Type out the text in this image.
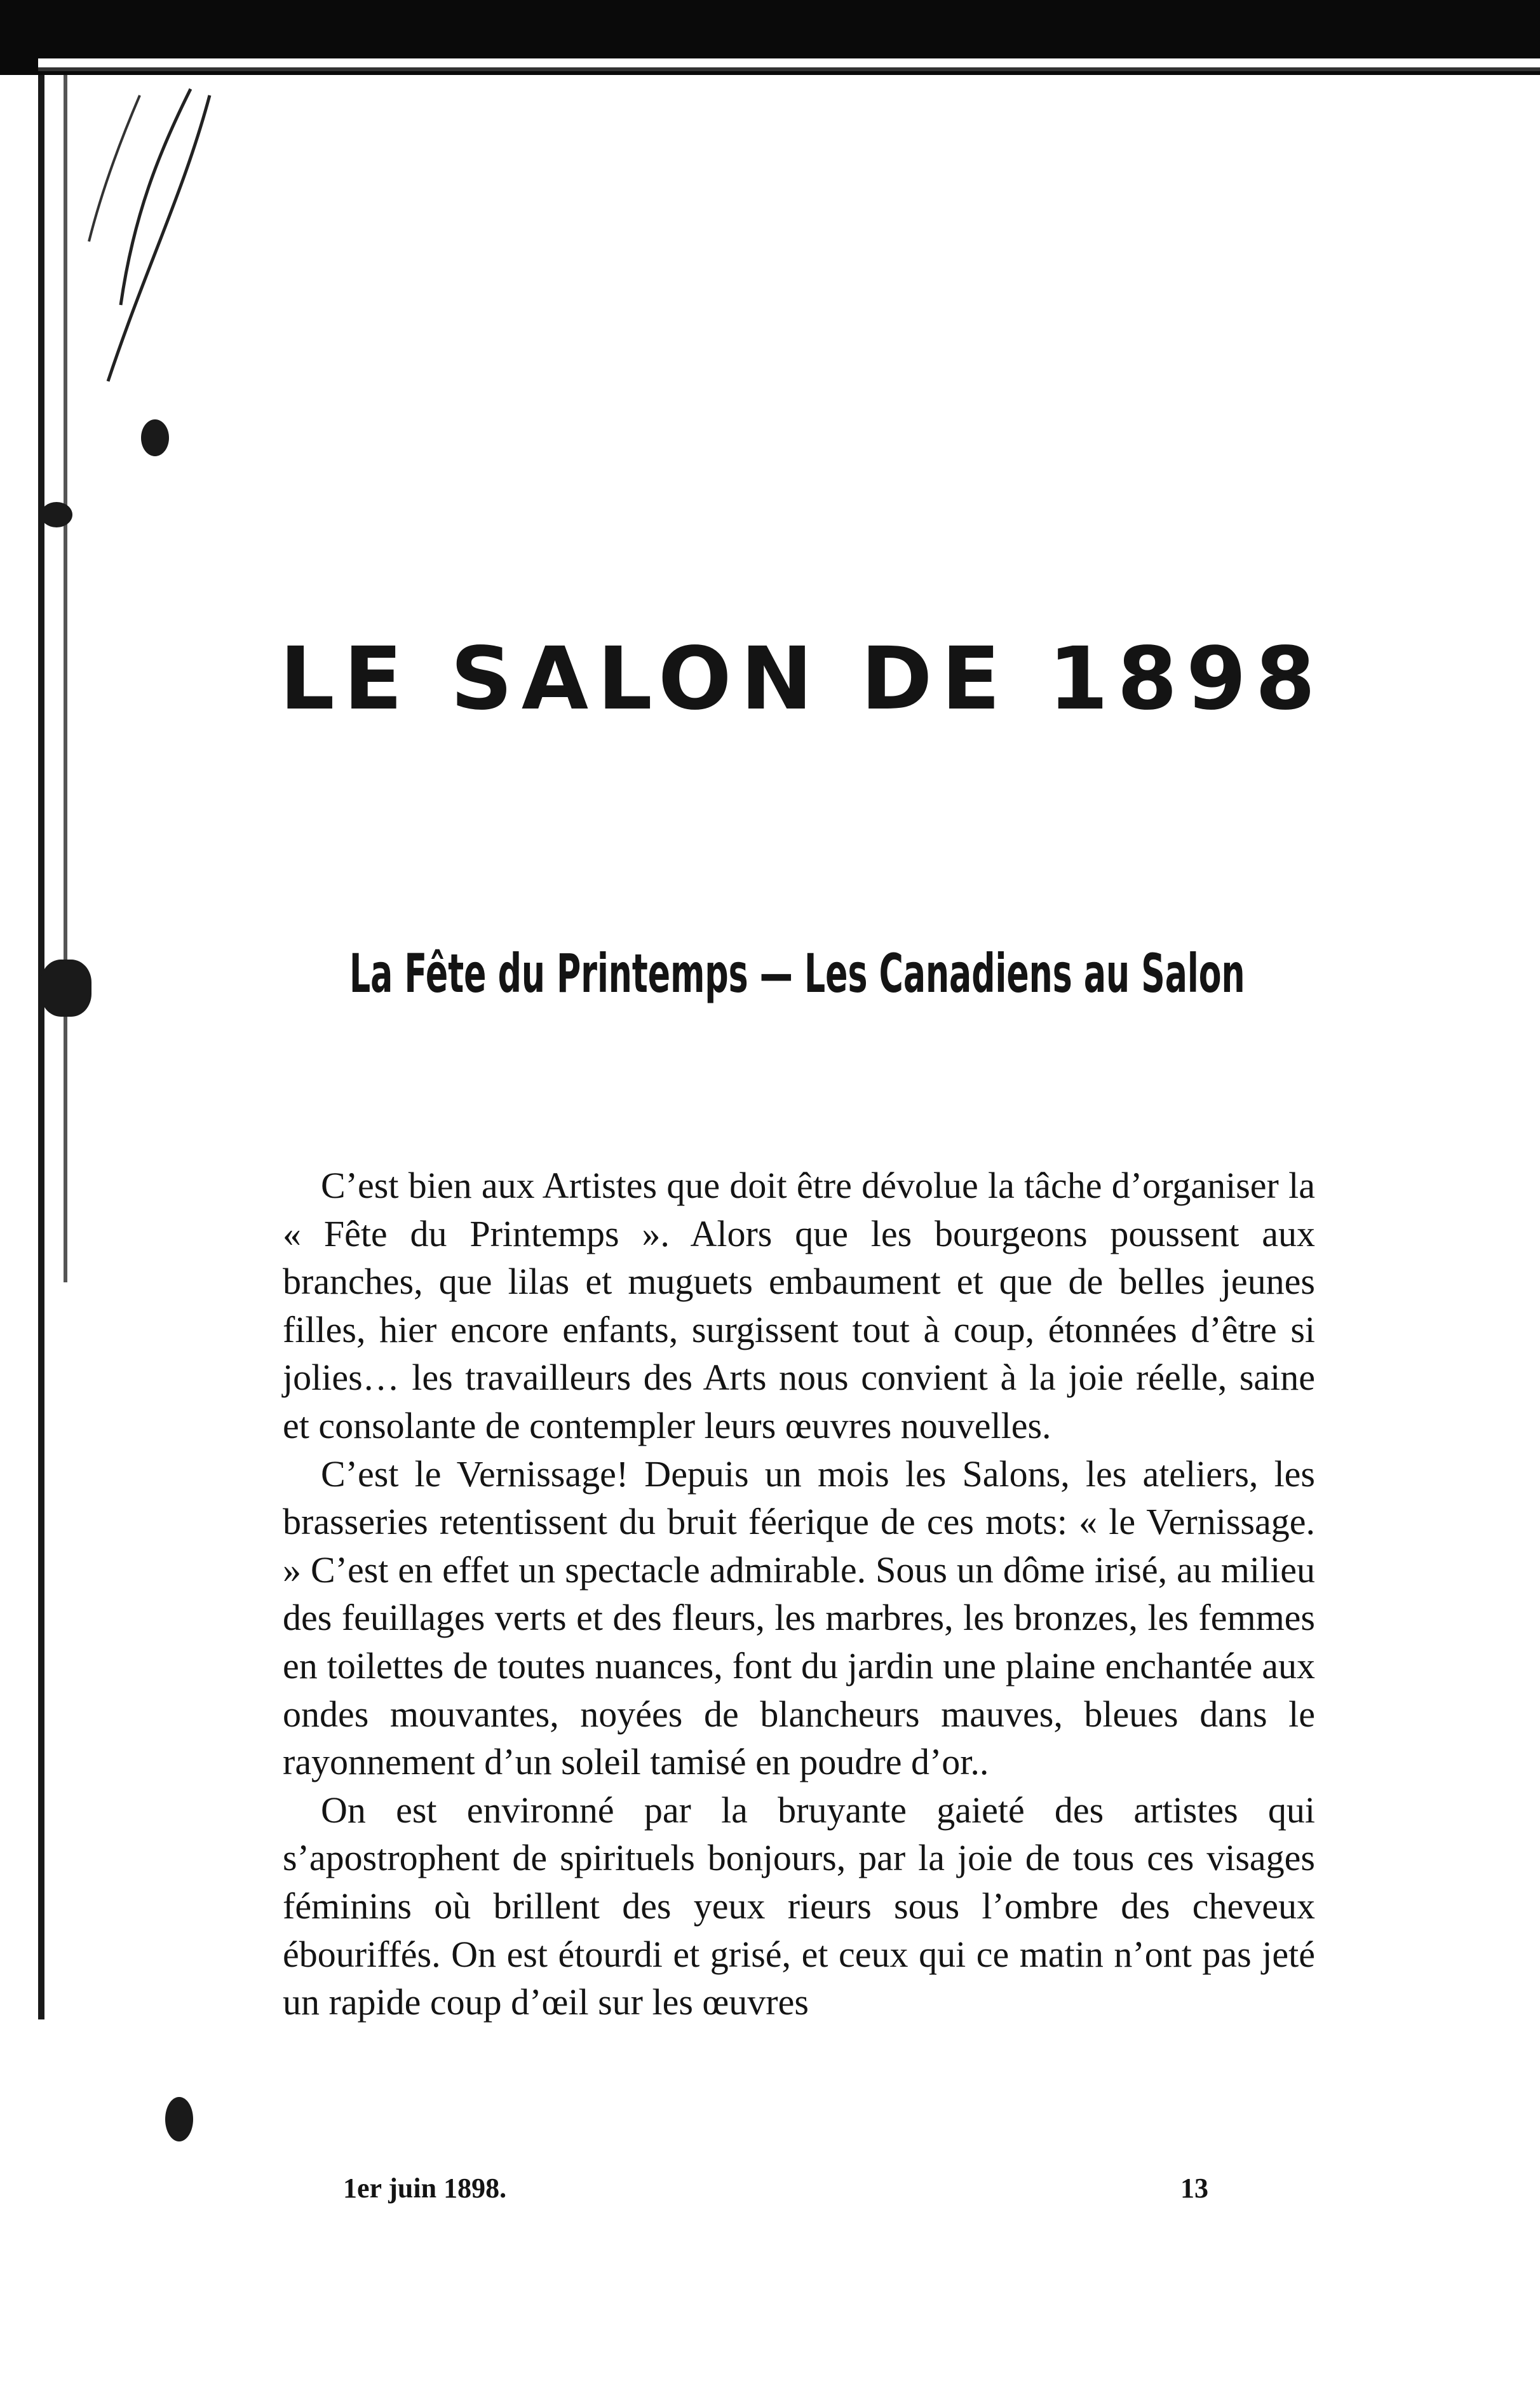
LE SALON DE 1898
La Fête du Printemps — Les Canadiens au Salon

C’est bien aux Artistes que doit être dévolue la tâche d’organiser la « Fête du Printemps ». Alors que les bourgeons poussent aux branches, que lilas et muguets embaument et que de belles jeunes filles, hier encore enfants, surgissent tout à coup, étonnées d’être si jolies… les travailleurs des Arts nous convient à la joie réelle, saine et consolante de contempler leurs œuvres nouvelles.

C’est le Vernissage! Depuis un mois les Salons, les ateliers, les brasseries retentissent du bruit féerique de ces mots: « le Vernissage. » C’est en effet un spectacle admirable. Sous un dôme irisé, au milieu des feuillages verts et des fleurs, les marbres, les bronzes, les femmes en toilettes de toutes nuances, font du jardin une plaine enchantée aux ondes mouvantes, noyées de blancheurs mauves, bleues dans le rayonnement d’un soleil tamisé en poudre d’or..

On est environné par la bruyante gaieté des artistes qui s’apostrophent de spirituels bonjours, par la joie de tous ces visages féminins où brillent des yeux rieurs sous l’ombre des cheveux ébouriffés. On est étourdi et grisé, et ceux qui ce matin n’ont pas jeté un rapide coup d’œil sur les œuvres

1er juin 1898.	13
